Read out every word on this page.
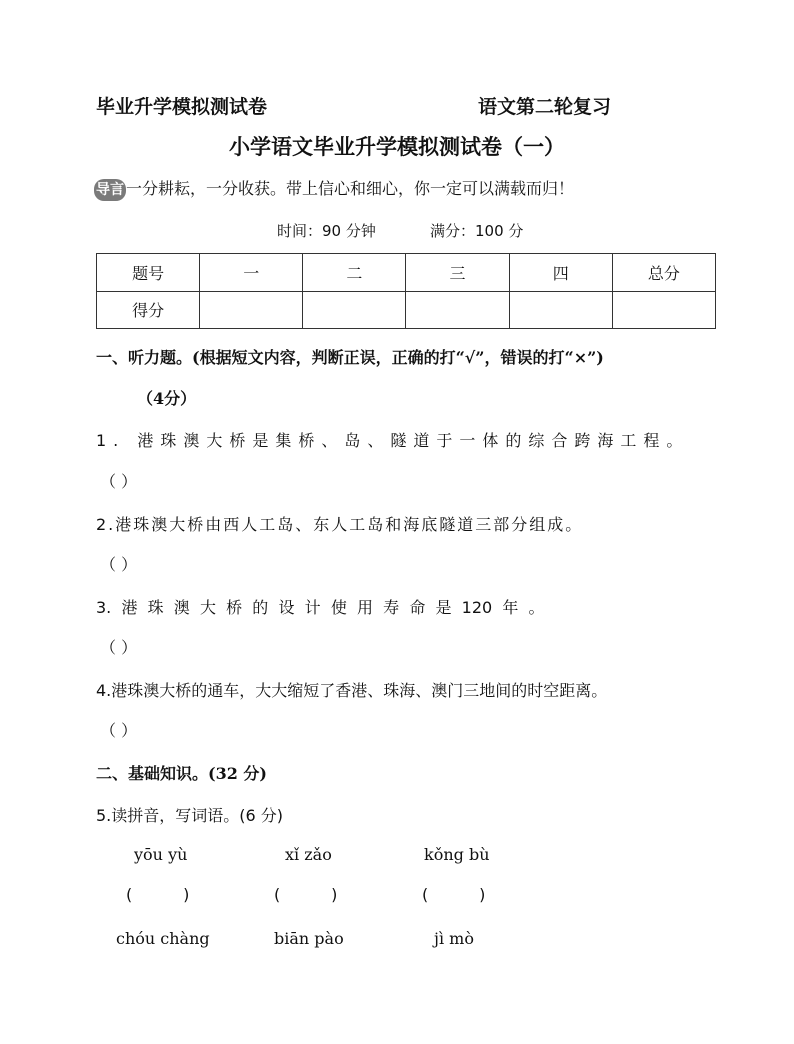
毕业升学模拟测试卷	语文第二轮复习
小学语文毕业升学模拟测试卷（一）
导言 一分耕耘，一分收获。带上信心和细心，你一定可以满载而归！
时间：90 分钟	满分：100 分
题号	一	二	三	四	总分
得分					
一、听力题。(根据短文内容，判断正误，正确的打“√”，错误的打“×”)
（4分）
1. 港珠澳大桥是集桥、岛、隧道于一体的综合跨海工程。
（ ）
2.港珠澳大桥由西人工岛、东人工岛和海底隧道三部分组成。
（ ）
3.  港  珠  澳  大  桥  的  设  计  使  用  寿  命  是  120  年  。
（ ）
4.港珠澳大桥的通车，大大缩短了香港、珠海、澳门三地间的时空距离。
（ ）
二、基础知识。(32 分)
5.读拼音，写词语。(6 分)
yōu yù	xǐ zǎo	kǒng bù
(          )	(          )	(          )
chóu chàng	biān pào	jì mò
